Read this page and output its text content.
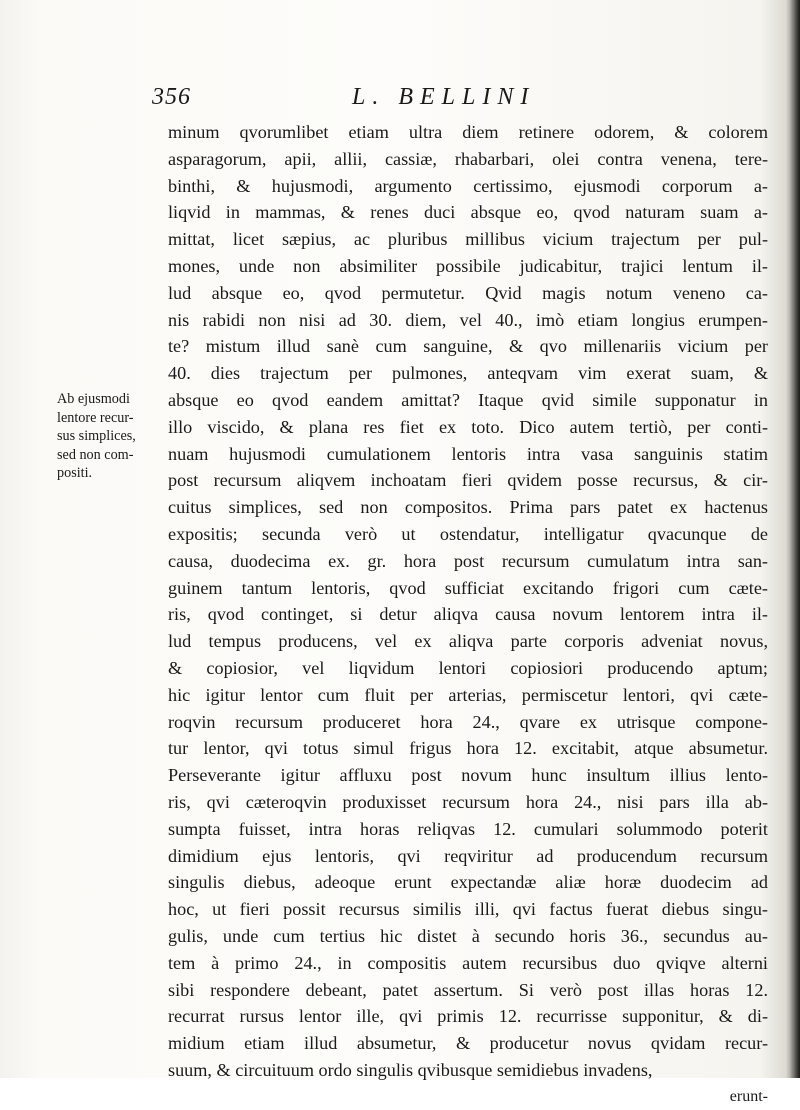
356	L. BELLINI
Ab ejusmodi
lentore recur-
sus simplices,
sed non com-
positi.
minum qvorumlibet etiam ultra diem retinere odorem, & colorem
asparagorum, apii, allii, cassiæ, rhabarbari, olei contra venena, tere-
binthi, & hujusmodi, argumento certissimo, ejusmodi corporum a-
liqvid in mammas, & renes duci absque eo, qvod naturam suam a-
mittat, licet sæpius, ac pluribus millibus vicium trajectum per pul-
mones, unde non absimiliter possibile judicabitur, trajici lentum il-
lud absque eo, qvod permutetur. Qvid magis notum veneno ca-
nis rabidi non nisi ad 30. diem, vel 40., imò etiam longius erumpen-
te? mistum illud sanè cum sanguine, & qvo millenariis vicium per
40. dies trajectum per pulmones, anteqvam vim exerat suam, &
absque eo qvod eandem amittat? Itaque qvid simile supponatur in
illo viscido, & plana res fiet ex toto. Dico autem tertiò, per conti-
nuam hujusmodi cumulationem lentoris intra vasa sanguinis statim
post recursum aliqvem inchoatam fieri qvidem posse recursus, & cir-
cuitus simplices, sed non compositos. Prima pars patet ex hactenus
expositis; secunda verò ut ostendatur, intelligatur qvacunque de
causa, duodecima ex. gr. hora post recursum cumulatum intra san-
guinem tantum lentoris, qvod sufficiat excitando frigori cum cæte-
ris, qvod continget, si detur aliqva causa novum lentorem intra il-
lud tempus producens, vel ex aliqva parte corporis adveniat novus,
& copiosior, vel liqvidum lentori copiosiori producendo aptum;
hic igitur lentor cum fluit per arterias, permiscetur lentori, qvi cæte-
roqvin recursum produceret hora 24., qvare ex utrisque compone-
tur lentor, qvi totus simul frigus hora 12. excitabit, atque absumetur.
Perseverante igitur affluxu post novum hunc insultum illius lento-
ris, qvi cæteroqvin produxisset recursum hora 24., nisi pars illa ab-
sumpta fuisset, intra horas reliqvas 12. cumulari solummodo poterit
dimidium ejus lentoris, qvi reqviritur ad producendum recursum
singulis diebus, adeoque erunt expectandæ aliæ horæ duodecim ad
hoc, ut fieri possit recursus similis illi, qvi factus fuerat diebus singu-
gulis, unde cum tertius hic distet à secundo horis 36., secundus au-
tem à primo 24., in compositis autem recursibus duo qviqve alterni
sibi respondere debeant, patet assertum. Si verò post illas horas 12.
recurrat rursus lentor ille, qvi primis 12. recurrisse supponitur, & di-
midium etiam illud absumetur, & producetur novus qvidam recur-
suum, & circuituum ordo singulis qvibusque semidiebus invadens,
erunt-
